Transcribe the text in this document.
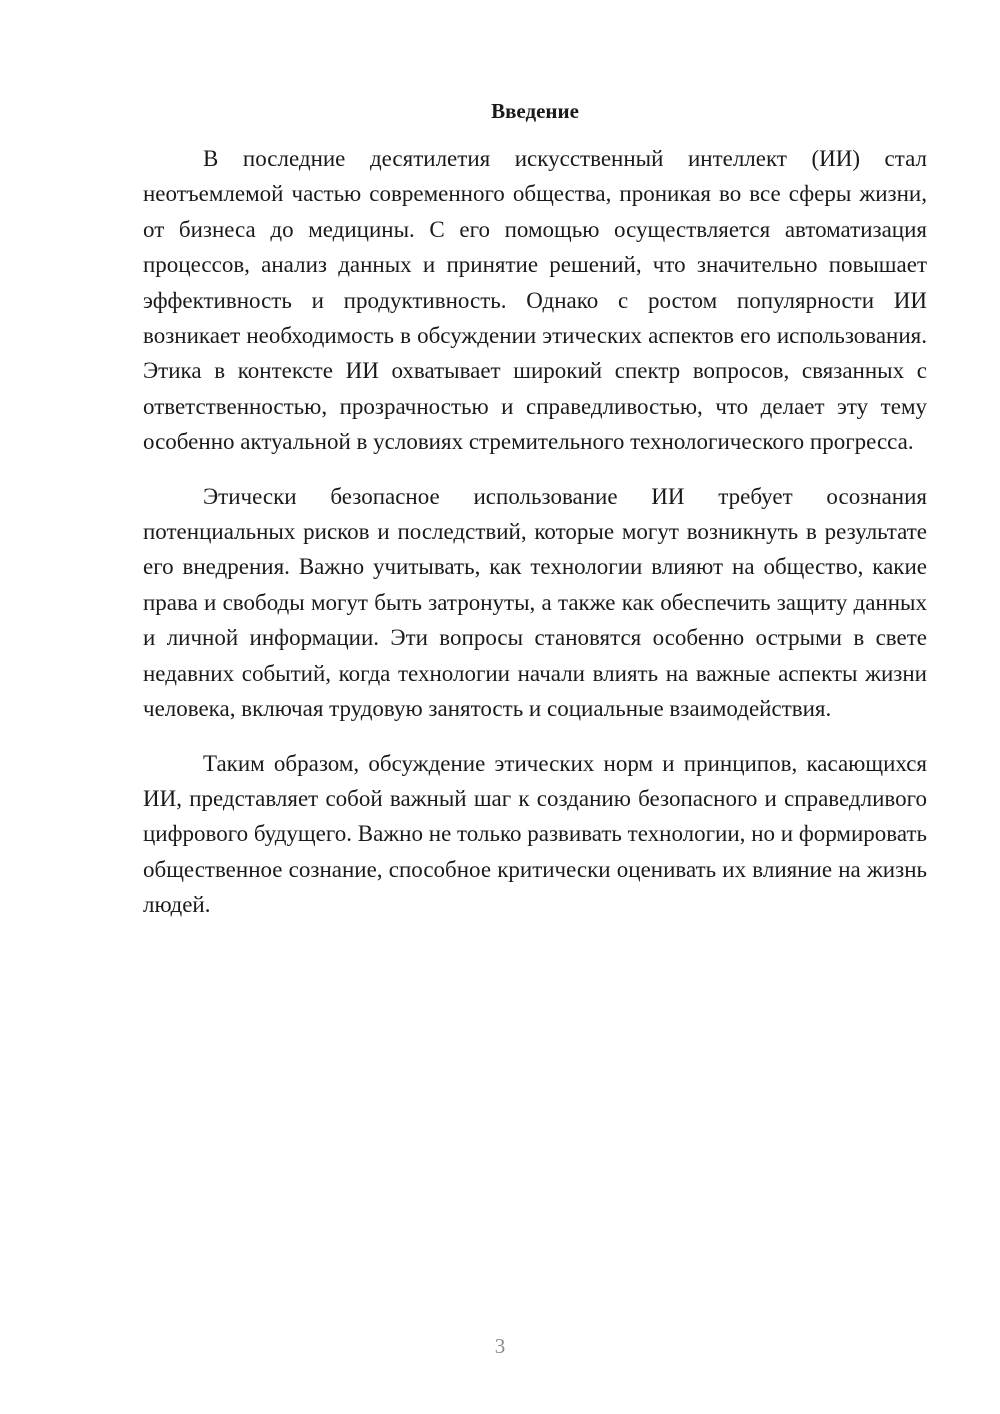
Введение

В последние десятилетия искусственный интеллект (ИИ) стал неотъемлемой частью современного общества, проникая во все сферы жизни, от бизнеса до медицины. С его помощью осуществляется автоматизация процессов, анализ данных и принятие решений, что значительно повышает эффективность и продуктивность. Однако с ростом популярности ИИ возникает необходимость в обсуждении этических аспектов его использования. Этика в контексте ИИ охватывает широкий спектр вопросов, связанных с ответственностью, прозрачностью и справедливостью, что делает эту тему особенно актуальной в условиях стремительного технологического прогресса.

Этически безопасное использование ИИ требует осознания потенциальных рисков и последствий, которые могут возникнуть в результате его внедрения. Важно учитывать, как технологии влияют на общество, какие права и свободы могут быть затронуты, а также как обеспечить защиту данных и личной информации. Эти вопросы становятся особенно острыми в свете недавних событий, когда технологии начали влиять на важные аспекты жизни человека, включая трудовую занятость и социальные взаимодействия.

Таким образом, обсуждение этических норм и принципов, касающихся ИИ, представляет собой важный шаг к созданию безопасного и справедливого цифрового будущего. Важно не только развивать технологии, но и формировать общественное сознание, способное критически оценивать их влияние на жизнь людей.

3
